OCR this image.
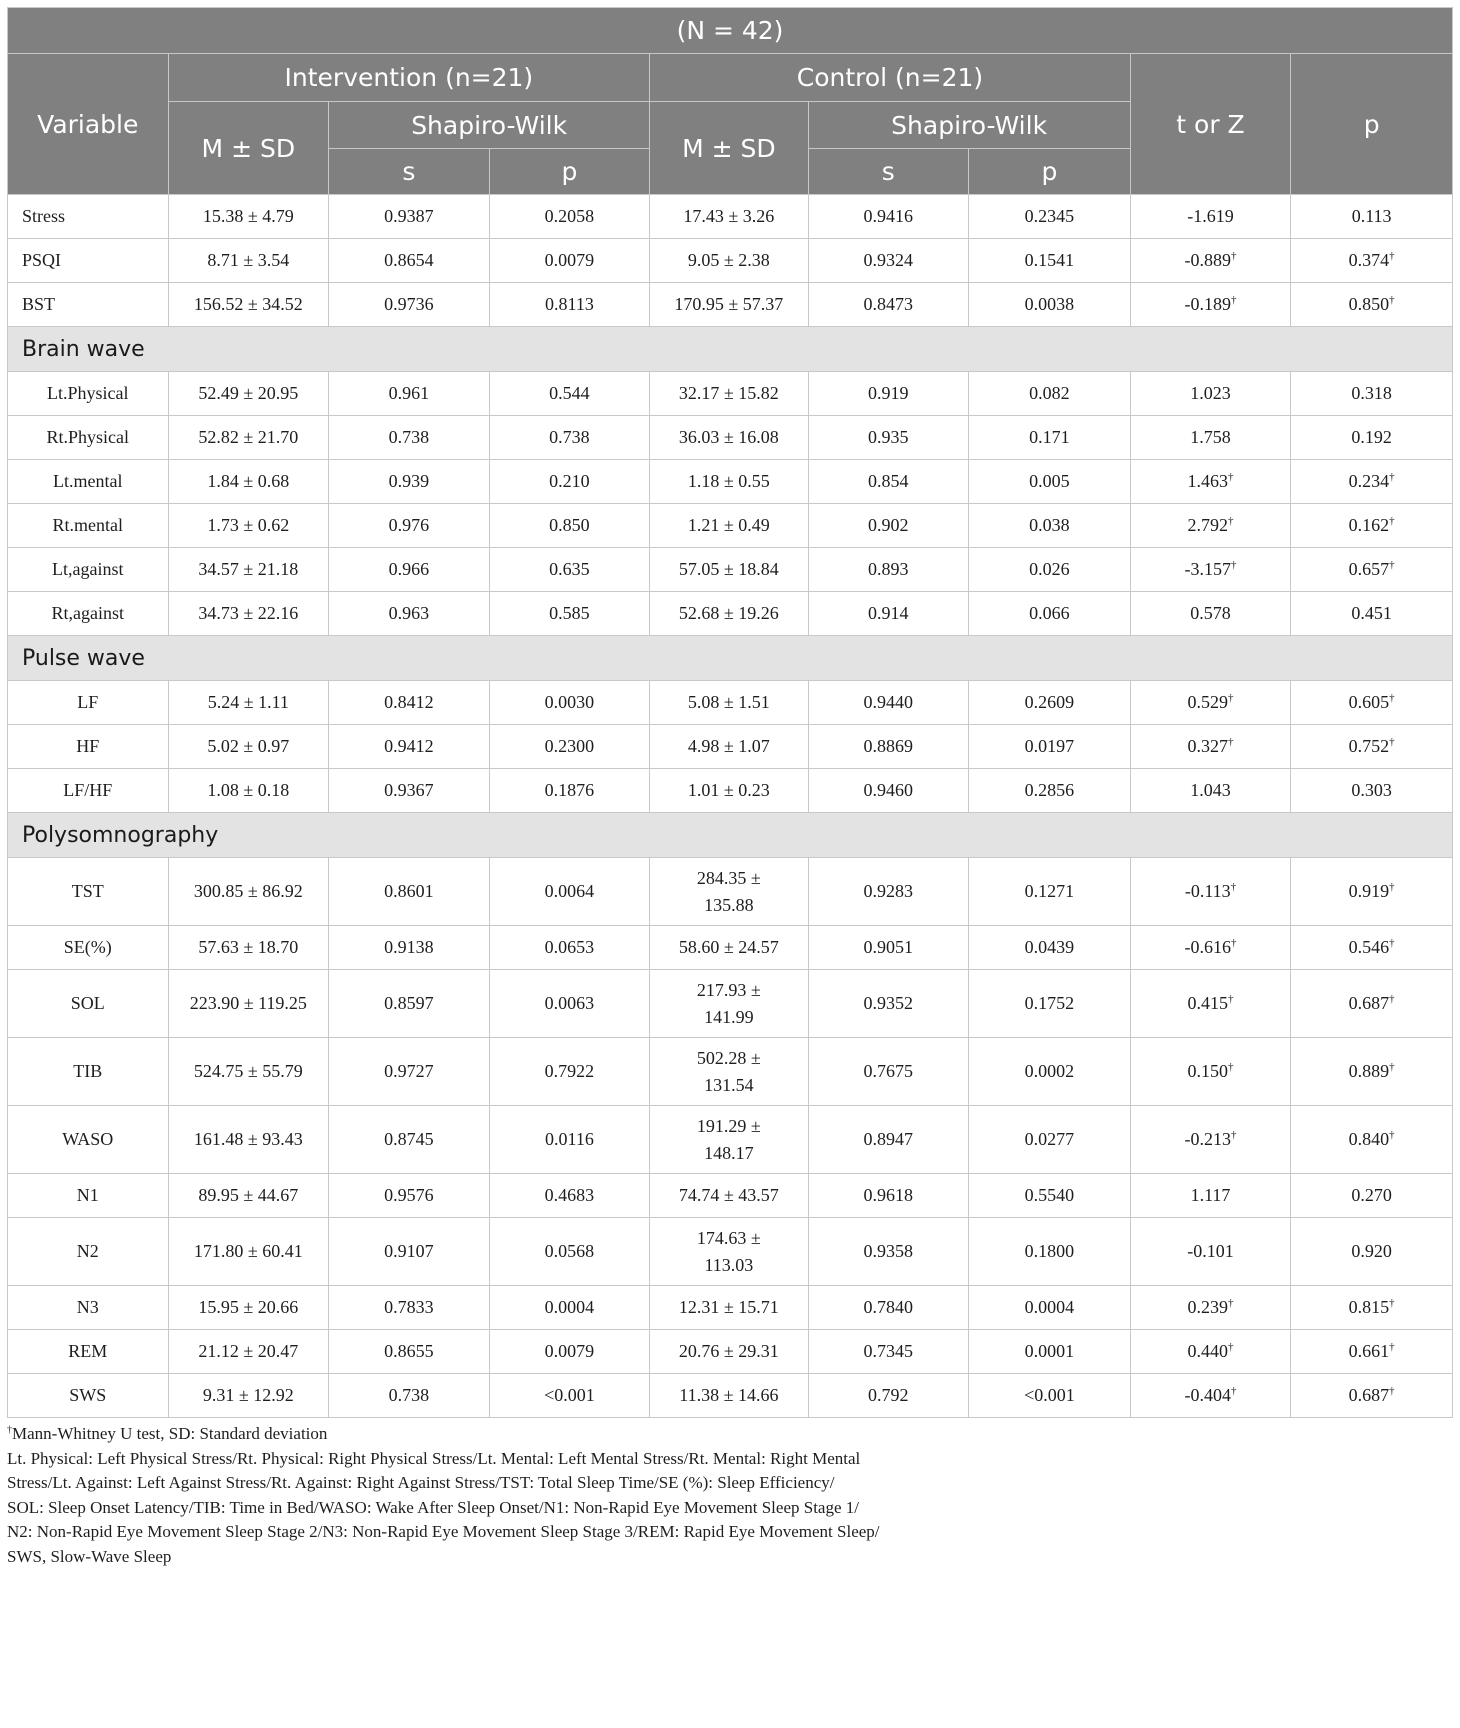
(N = 42)								
Variable	Intervention (n=21)			Control (n=21)			t or Z	p
	M ± SD	Shapiro-Wilk		M ± SD	Shapiro-Wilk			
		s	p		s	p		
Stress	15.38 ± 4.79	0.9387	0.2058	17.43 ± 3.26	0.9416	0.2345	-1.619	0.113
PSQI	8.71 ± 3.54	0.8654	0.0079	9.05 ± 2.38	0.9324	0.1541	-0.889†	0.374†
BST	156.52 ± 34.52	0.9736	0.8113	170.95 ± 57.37	0.8473	0.0038	-0.189†	0.850†
Brain wave								
Lt.Physical	52.49 ± 20.95	0.961	0.544	32.17 ± 15.82	0.919	0.082	1.023	0.318
Rt.Physical	52.82 ± 21.70	0.738	0.738	36.03 ± 16.08	0.935	0.171	1.758	0.192
Lt.mental	1.84 ± 0.68	0.939	0.210	1.18 ± 0.55	0.854	0.005	1.463†	0.234†
Rt.mental	1.73 ± 0.62	0.976	0.850	1.21 ± 0.49	0.902	0.038	2.792†	0.162†
Lt,against	34.57 ± 21.18	0.966	0.635	57.05 ± 18.84	0.893	0.026	-3.157†	0.657†
Rt,against	34.73 ± 22.16	0.963	0.585	52.68 ± 19.26	0.914	0.066	0.578	0.451
Pulse wave								
LF	5.24 ± 1.11	0.8412	0.0030	5.08 ± 1.51	0.9440	0.2609	0.529†	0.605†
HF	5.02 ± 0.97	0.9412	0.2300	4.98 ± 1.07	0.8869	0.0197	0.327†	0.752†
LF/HF	1.08 ± 0.18	0.9367	0.1876	1.01 ± 0.23	0.9460	0.2856	1.043	0.303
Polysomnography								
TST	300.85 ± 86.92	0.8601	0.0064	284.35 ±
135.88	0.9283	0.1271	-0.113†	0.919†
SE(%)	57.63 ± 18.70	0.9138	0.0653	58.60 ± 24.57	0.9051	0.0439	-0.616†	0.546†
SOL	223.90 ± 119.25	0.8597	0.0063	217.93 ±
141.99	0.9352	0.1752	0.415†	0.687†
TIB	524.75 ± 55.79	0.9727	0.7922	502.28 ±
131.54	0.7675	0.0002	0.150†	0.889†
WASO	161.48 ± 93.43	0.8745	0.0116	191.29 ±
148.17	0.8947	0.0277	-0.213†	0.840†
N1	89.95 ± 44.67	0.9576	0.4683	74.74 ± 43.57	0.9618	0.5540	1.117	0.270
N2	171.80 ± 60.41	0.9107	0.0568	174.63 ±
113.03	0.9358	0.1800	-0.101	0.920
N3	15.95 ± 20.66	0.7833	0.0004	12.31 ± 15.71	0.7840	0.0004	0.239†	0.815†
REM	21.12 ± 20.47	0.8655	0.0079	20.76 ± 29.31	0.7345	0.0001	0.440†	0.661†
SWS	9.31 ± 12.92	0.738	<0.001	11.38 ± 14.66	0.792	<0.001	-0.404†	0.687†
†Mann-Whitney U test, SD: Standard deviation
Lt. Physical: Left Physical Stress/Rt. Physical: Right Physical Stress/Lt. Mental: Left Mental Stress/Rt. Mental: Right Mental
Stress/Lt. Against: Left Against Stress/Rt. Against: Right Against Stress/TST: Total Sleep Time/SE (%): Sleep Efficiency/
SOL: Sleep Onset Latency/TIB: Time in Bed/WASO: Wake After Sleep Onset/N1: Non-Rapid Eye Movement Sleep Stage 1/
N2: Non-Rapid Eye Movement Sleep Stage 2/N3: Non-Rapid Eye Movement Sleep Stage 3/REM: Rapid Eye Movement Sleep/
SWS, Slow-Wave Sleep
